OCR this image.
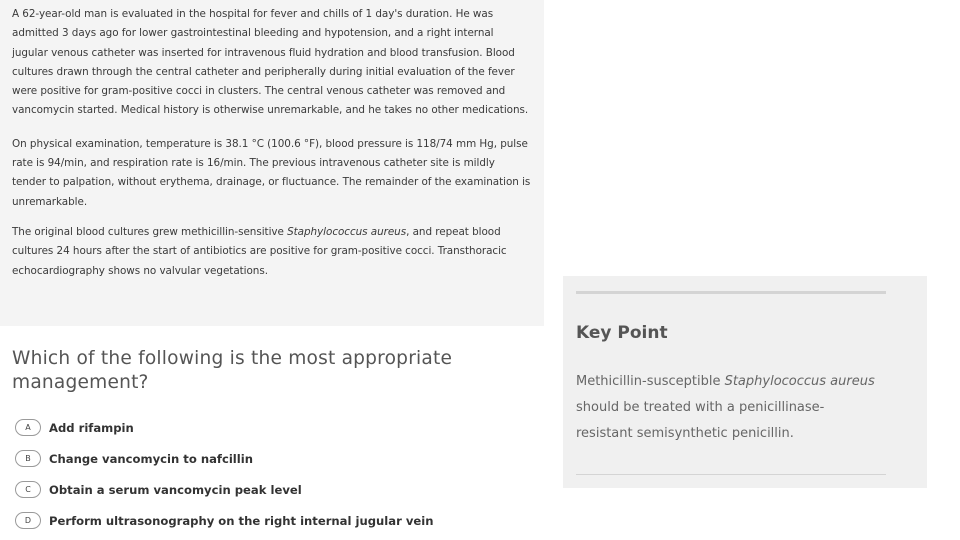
A 62-year-old man is evaluated in the hospital for fever and chills of 1 day's duration. He was admitted 3 days ago for lower gastrointestinal bleeding and hypotension, and a right internal jugular venous catheter was inserted for intravenous fluid hydration and blood transfusion. Blood cultures drawn through the central catheter and peripherally during initial evaluation of the fever were positive for gram-positive cocci in clusters. The central venous catheter was removed and vancomycin started. Medical history is otherwise unremarkable, and he takes no other medications.

On physical examination, temperature is 38.1 °C (100.6 °F), blood pressure is 118/74 mm Hg, pulse rate is 94/min, and respiration rate is 16/min. The previous intravenous catheter site is mildly tender to palpation, without erythema, drainage, or fluctuance. The remainder of the examination is unremarkable.

The original blood cultures grew methicillin-sensitive Staphylococcus aureus, and repeat blood cultures 24 hours after the start of antibiotics are positive for gram-positive cocci. Transthoracic echocardiography shows no valvular vegetations.

Which of the following is the most appropriate management?
A	Add rifampin
B	Change vancomycin to nafcillin
C	Obtain a serum vancomycin peak level
D	Perform ultrasonography on the right internal jugular vein
Key Point
Methicillin-susceptible Staphylococcus aureus should be treated with a penicillinase-resistant semisynthetic penicillin.
